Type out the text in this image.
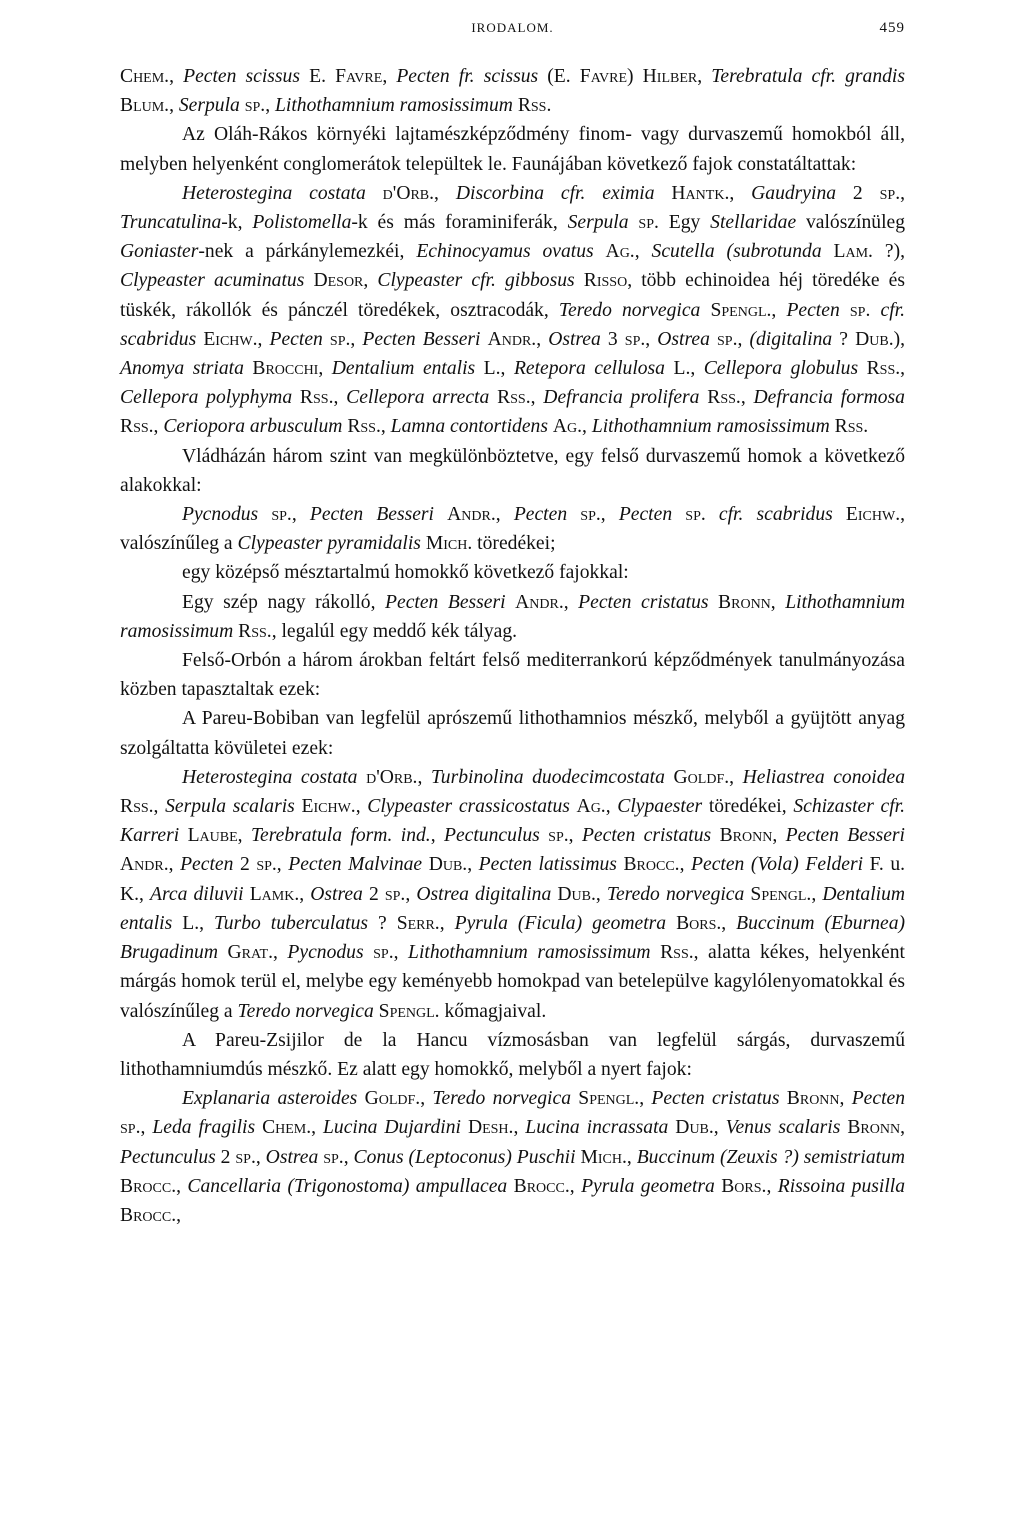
IRODALOM.	459

Chem., Pecten scissus E. Favre, Pecten fr. scissus (E. Favre) Hilber, Terebratula cfr. grandis Blum., Serpula sp., Lithothamnium ramosissimum Rss.

Az Oláh-Rákos környéki lajtamészképződmény finom- vagy durvaszemű homokból áll, melyben helyenként conglomerátok települtek le. Faunájában következő fajok constatáltattak:

Heterostegina costata d'Orb., Discorbina cfr. eximia Hantk., Gaudryina 2 sp., Truncatulina-k, Polistomella-k és más foraminiferák, Serpula sp. Egy Stellaridae valószínüleg Goniaster-nek a párkánylemezkéi, Echinocyamus ovatus Ag., Scutella (subrotunda Lam. ?), Clypeaster acuminatus Desor, Clypeaster cfr. gibbosus Risso, több echinoidea héj töredéke és tüskék, rákollók és pánczél töredékek, osztracodák, Teredo norvegica Spengl., Pecten sp. cfr. scabridus Eichw., Pecten sp., Pecten Besseri Andr., Ostrea 3 sp., Ostrea sp., (digitalina ? Dub.), Anomya striata Brocchi, Dentalium entalis L., Retepora cellulosa L., Cellepora globulus Rss., Cellepora polyphyma Rss., Cellepora arrecta Rss., Defrancia prolifera Rss., Defrancia formosa Rss., Ceriopora arbusculum Rss., Lamna contortidens Ag., Lithothamnium ramosissimum Rss.

Vládházán három szint van megkülönböztetve, egy felső durvaszemű homok a következő alakokkal:

Pycnodus sp., Pecten Besseri Andr., Pecten sp., Pecten sp. cfr. scabridus Eichw., valószínűleg a Clypeaster pyramidalis Mich. töredékei;

egy középső mésztartalmú homokkő következő fajokkal:

Egy szép nagy rákolló, Pecten Besseri Andr., Pecten cristatus Bronn, Lithothamnium ramosissimum Rss., legalúl egy meddő kék tályag.

Felső-Orbón a három árokban feltárt felső mediterrankorú képződmények tanulmányozása közben tapasztaltak ezek:

A Pareu-Bobiban van legfelül aprószemű lithothamnios mészkő, melyből a gyüjtött anyag szolgáltatta kövületei ezek:

Heterostegina costata d'Orb., Turbinolina duodecimcostata Goldf., Heliastrea conoidea Rss., Serpula scalaris Eichw., Clypeaster crassicostatus Ag., Clypaester töredékei, Schizaster cfr. Karreri Laube, Terebratula form. ind., Pectunculus sp., Pecten cristatus Bronn, Pecten Besseri Andr., Pecten 2 sp., Pecten Malvinae Dub., Pecten latissimus Brocc., Pecten (Vola) Felderi F. u. K., Arca diluvii Lamk., Ostrea 2 sp., Ostrea digitalina Dub., Teredo norvegica Spengl., Dentalium entalis L., Turbo tuberculatus ? Serr., Pyrula (Ficula) geometra Bors., Buccinum (Eburnea) Brugadinum Grat., Pycnodus sp., Lithothamnium ramosissimum Rss., alatta kékes, helyenként márgás homok terül el, melybe egy keményebb homokpad van betelepülve kagylólenyomatokkal és valószínűleg a Teredo norvegica Spengl. kőmagjaival.

A Pareu-Zsijilor de la Hancu vízmosásban van legfelül sárgás, durvaszemű lithothamniumdús mészkő. Ez alatt egy homokkő, melyből a nyert fajok:

Explanaria asteroides Goldf., Teredo norvegica Spengl., Pecten cristatus Bronn, Pecten sp., Leda fragilis Chem., Lucina Dujardini Desh., Lucina incrassata Dub., Venus scalaris Bronn, Pectunculus 2 sp., Ostrea sp., Conus (Leptoconus) Puschii Mich., Buccinum (Zeuxis ?) semistriatum Brocc., Cancellaria (Trigonostoma) ampullacea Brocc., Pyrula geometra Bors., Rissoina pusilla Brocc.,
